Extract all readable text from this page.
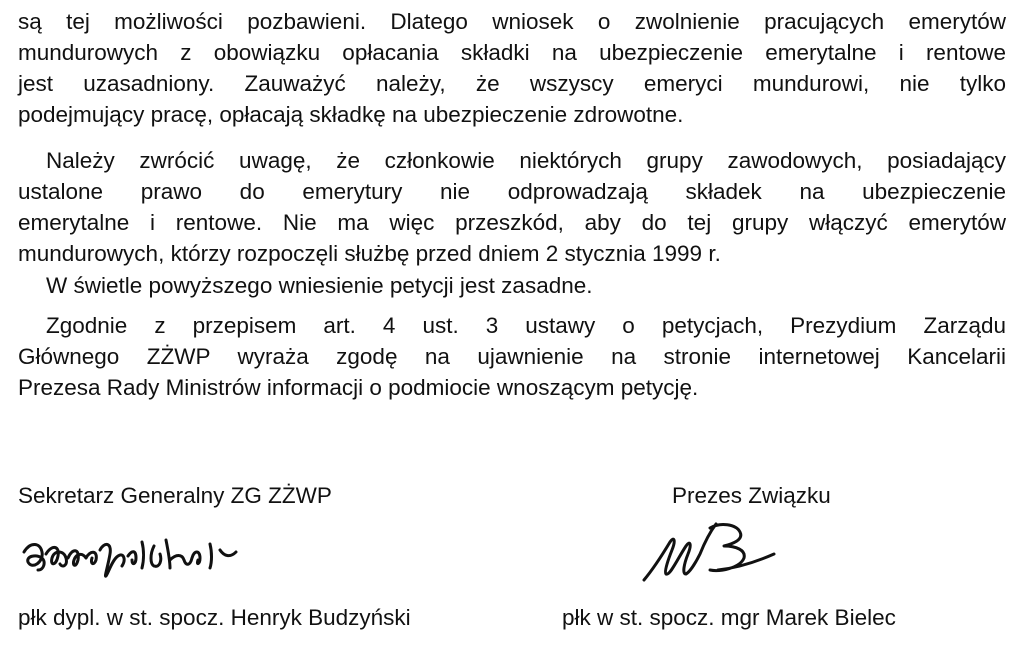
są tej możliwości pozbawieni. Dlatego wniosek o zwolnienie pracujących emerytów
mundurowych z obowiązku opłacania składki na ubezpieczenie emerytalne i rentowe
jest uzasadniony. Zauważyć należy, że wszyscy emeryci mundurowi, nie tylko
podejmujący pracę, opłacają składkę na ubezpieczenie zdrowotne.
Należy zwrócić uwagę, że członkowie niektórych grupy zawodowych, posiadający
ustalone prawo do emerytury nie odprowadzają składek na ubezpieczenie
emerytalne i rentowe. Nie ma więc przeszkód, aby do tej grupy włączyć emerytów
mundurowych, którzy rozpoczęli służbę przed dniem 2 stycznia 1999 r.
W świetle powyższego wniesienie petycji jest zasadne.
Zgodnie z przepisem art. 4 ust. 3 ustawy o petycjach, Prezydium Zarządu
Głównego ZŻWP wyraża zgodę na ujawnienie na stronie internetowej Kancelarii
Prezesa Rady Ministrów informacji o podmiocie wnoszącym petycję.
Sekretarz Generalny ZG ZŻWP
płk dypl. w st. spocz. Henryk Budzyński
Prezes Związku
płk w st. spocz. mgr Marek Bielec
